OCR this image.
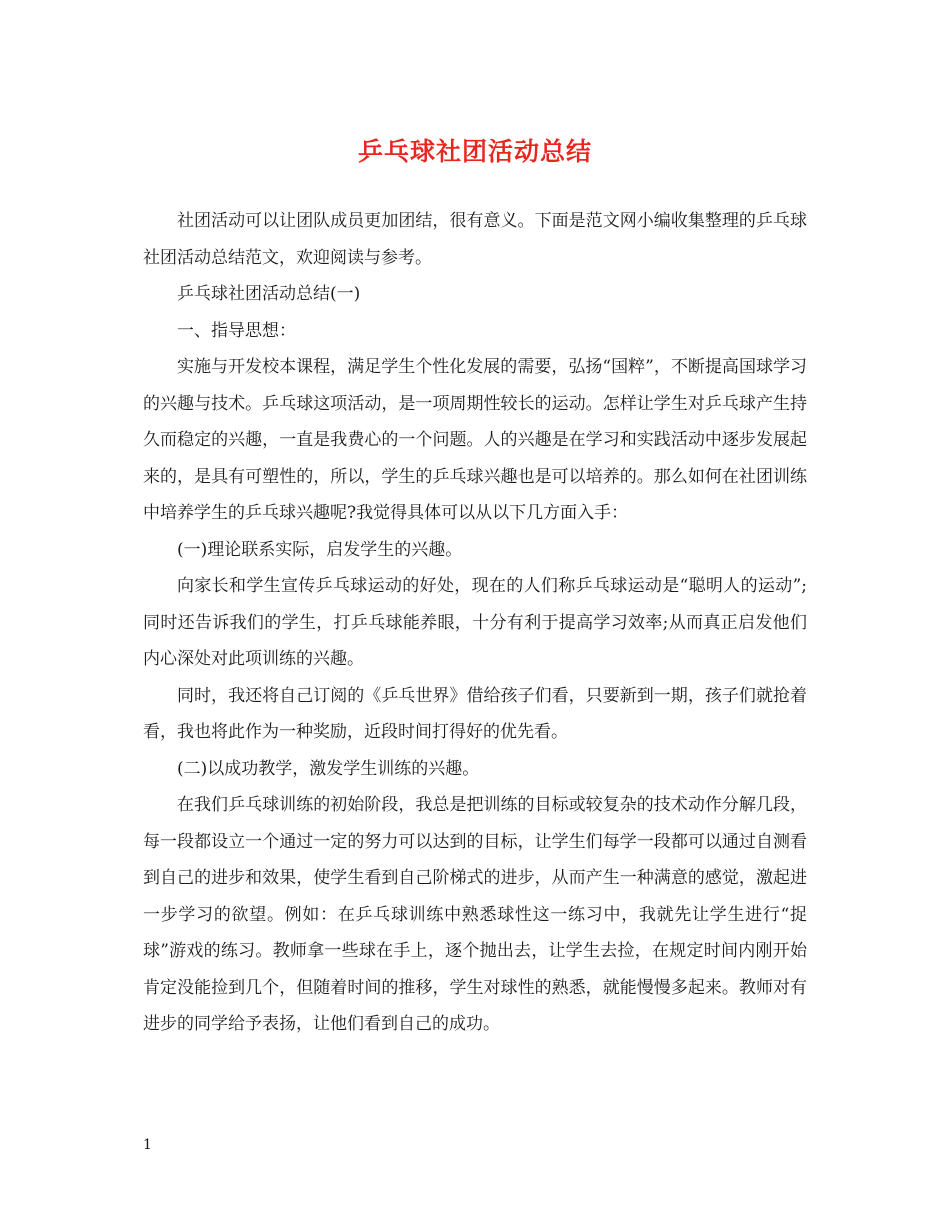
乒乓球社团活动总结

社团活动可以让团队成员更加团结，很有意义。下面是范文网小编收集整理的乒乓球社团活动总结范文，欢迎阅读与参考。

乒乓球社团活动总结(一)

一、指导思想：

实施与开发校本课程，满足学生个性化发展的需要，弘扬“国粹”，不断提高国球学习的兴趣与技术。乒乓球这项活动，是一项周期性较长的运动。怎样让学生对乒乓球产生持久而稳定的兴趣，一直是我费心的一个问题。人的兴趣是在学习和实践活动中逐步发展起来的，是具有可塑性的，所以，学生的乒乓球兴趣也是可以培养的。那么如何在社团训练中培养学生的乒乓球兴趣呢?我觉得具体可以从以下几方面入手：

(一)理论联系实际，启发学生的兴趣。

向家长和学生宣传乒乓球运动的好处，现在的人们称乒乓球运动是“聪明人的运动”;同时还告诉我们的学生，打乒乓球能养眼，十分有利于提高学习效率;从而真正启发他们内心深处对此项训练的兴趣。

同时，我还将自己订阅的《乒乓世界》借给孩子们看，只要新到一期，孩子们就抢着看，我也将此作为一种奖励，近段时间打得好的优先看。

(二)以成功教学，激发学生训练的兴趣。

在我们乒乓球训练的初始阶段，我总是把训练的目标或较复杂的技术动作分解几段，每一段都设立一个通过一定的努力可以达到的目标，让学生们每学一段都可以通过自测看到自己的进步和效果，使学生看到自己阶梯式的进步，从而产生一种满意的感觉，激起进一步学习的欲望。例如：在乒乓球训练中熟悉球性这一练习中，我就先让学生进行“捉球”游戏的练习。教师拿一些球在手上，逐个抛出去，让学生去捡，在规定时间内刚开始肯定没能捡到几个，但随着时间的推移，学生对球性的熟悉，就能慢慢多起来。教师对有进步的同学给予表扬，让他们看到自己的成功。

1
